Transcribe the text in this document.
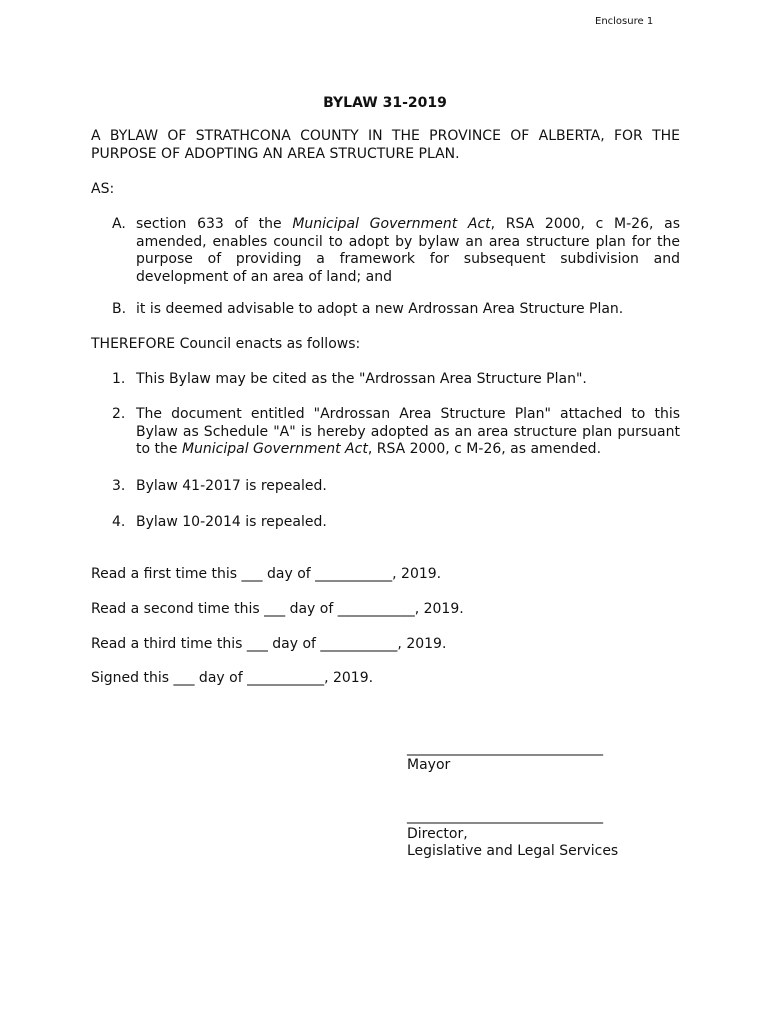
Enclosure 1
BYLAW 31-2019
A BYLAW OF STRATHCONA COUNTY IN THE PROVINCE OF ALBERTA, FOR THE PURPOSE OF ADOPTING AN AREA STRUCTURE PLAN.
AS:
A. section 633 of the Municipal Government Act, RSA 2000, c M-26, as amended, enables council to adopt by bylaw an area structure plan for the purpose of providing a framework for subsequent subdivision and development of an area of land; and
B. it is deemed advisable to adopt a new Ardrossan Area Structure Plan.
THEREFORE Council enacts as follows:
1. This Bylaw may be cited as the "Ardrossan Area Structure Plan".
2. The document entitled "Ardrossan Area Structure Plan" attached to this Bylaw as Schedule "A" is hereby adopted as an area structure plan pursuant to the Municipal Government Act, RSA 2000, c M-26, as amended.
3. Bylaw 41-2017 is repealed.
4. Bylaw 10-2014 is repealed.
Read a first time this ___ day of ___________, 2019.
Read a second time this ___ day of ___________, 2019.
Read a third time this ___ day of ___________, 2019.
Signed this ___ day of ___________, 2019.
____________________________
Mayor
____________________________
Director,
Legislative and Legal Services
